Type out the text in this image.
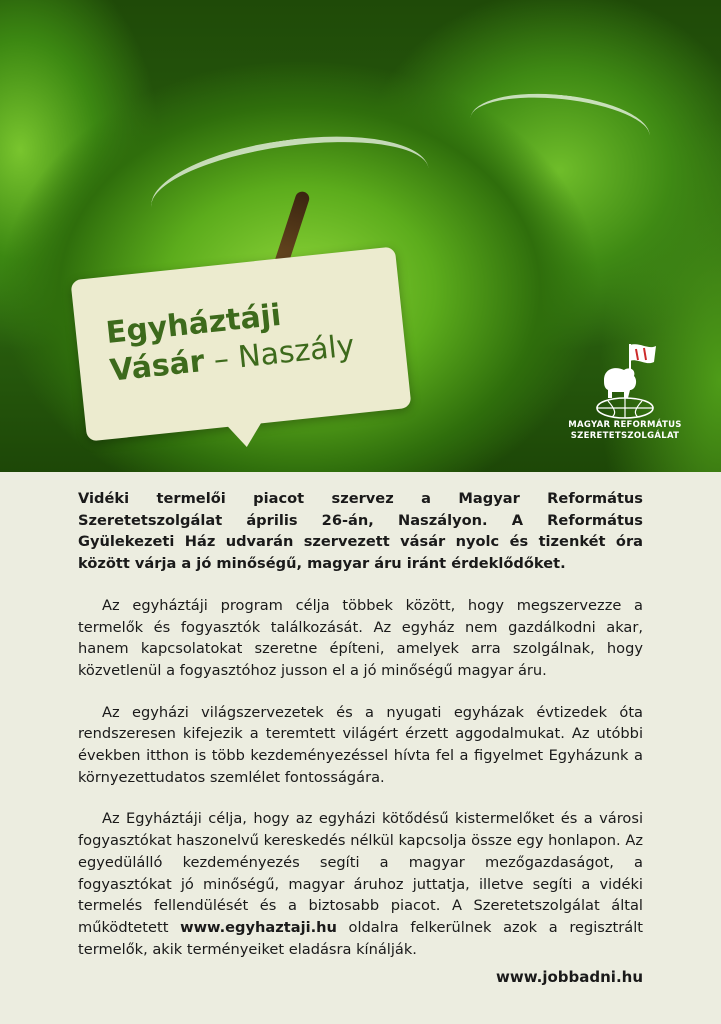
Egyháztáji
Vásár – Naszály
MAGYAR REFORMÁTUS
SZERETETSZOLGÁLAT

Vidéki termelői piacot szervez a Magyar Református Szeretetszolgálat április 26-án, Naszályon. A Református Gyülekezeti Ház udvarán szervezett vásár nyolc és tizenkét óra között várja a jó minőségű, magyar áru iránt érdeklődőket.

Az egyháztáji program célja többek között, hogy megszervezze a termelők és fogyasztók találkozását. Az egyház nem gazdálkodni akar, hanem kapcsolatokat szeretne építeni, amelyek arra szolgálnak, hogy közvetlenül a fogyasztóhoz jusson el a jó minőségű magyar áru.

Az egyházi világszervezetek és a nyugati egyházak évtizedek óta rendszeresen kifejezik a teremtett világért érzett aggodalmukat. Az utóbbi években itthon is több kezdeményezéssel hívta fel a figyelmet Egyházunk a környezettudatos szemlélet fontosságára.

Az Egyháztáji célja, hogy az egyházi kötődésű kistermelőket és a városi fogyasztókat haszonelvű kereskedés nélkül kapcsolja össze egy honlapon. Az egyedülálló kezdeményezés segíti a magyar mezőgazdaságot, a fogyasztókat jó minőségű, magyar áruhoz juttatja, illetve segíti a vidéki termelés fellendülését és a biztosabb piacot. A Szeretetszolgálat által működtetett www.egyhaztaji.hu oldalra felkerülnek azok a regisztrált termelők, akik terményeiket eladásra kínálják.

www.jobbadni.hu
